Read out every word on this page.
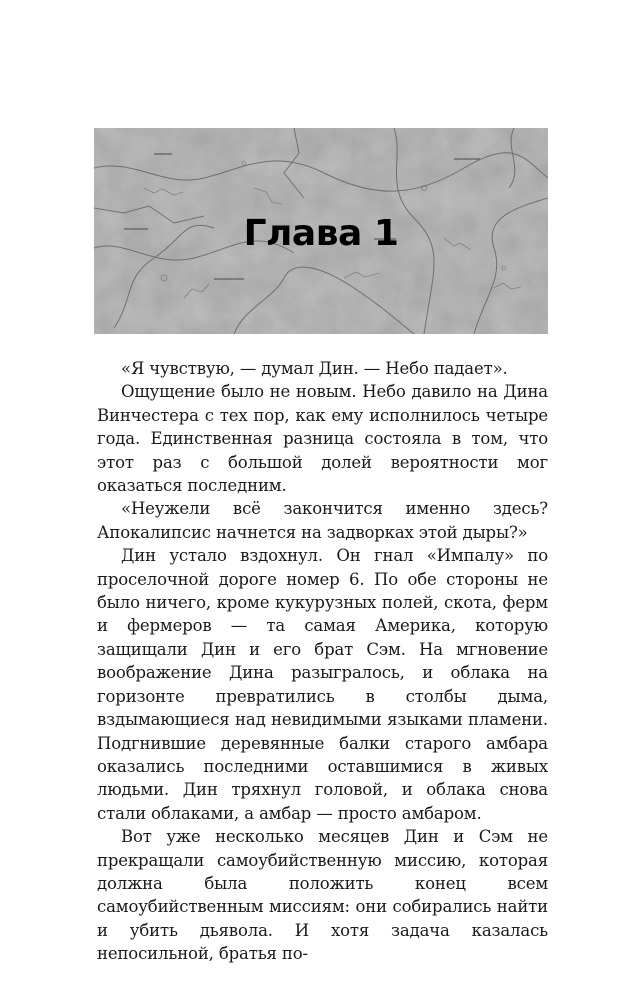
Глава 1

«Я чувствую, — думал Дин. — Небо падает».

Ощущение было не новым. Небо давило на Дина Винчестера с тех пор, как ему исполнилось четыре года. Единственная разница состояла в том, что этот раз с большой долей вероятности мог оказаться последним.

«Неужели всё закончится именно здесь? Апокалипсис начнется на задворках этой дыры?»

Дин устало вздохнул. Он гнал «Импалу» по проселочной дороге номер 6. По обе стороны не было ничего, кроме кукурузных полей, скота, ферм и фермеров — та самая Америка, которую защищали Дин и его брат Сэм. На мгновение воображение Дина разыгралось, и облака на горизонте превратились в столбы дыма, вздымающиеся над невидимыми языками пламени. Подгнившие деревянные балки старого амбара оказались последними оставшимися в живых людьми. Дин тряхнул головой, и облака снова стали облаками, а амбар — просто амбаром.

Вот уже несколько месяцев Дин и Сэм не прекращали самоубийственную миссию, которая должна была положить конец всем самоубийственным миссиям: они собирались найти и убить дьявола. И хотя задача казалась непосильной, братья по-
